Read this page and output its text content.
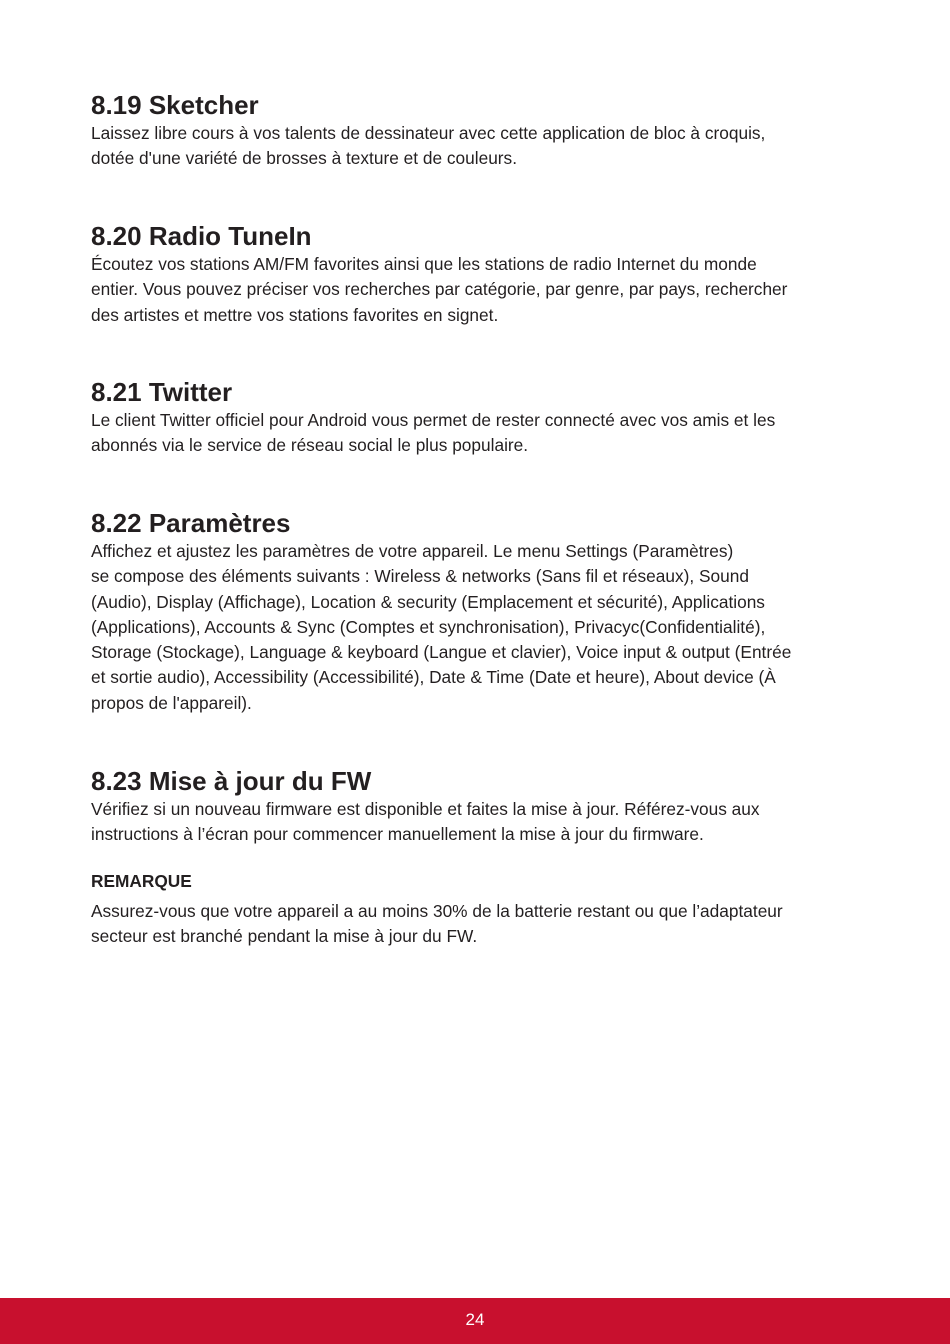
8.19 Sketcher

Laissez libre cours à vos talents de dessinateur avec cette application de bloc à croquis,

dotée d'une variété de brosses à texture et de couleurs.

8.20 Radio TuneIn

Écoutez vos stations AM/FM favorites ainsi que les stations de radio Internet du monde

entier. Vous pouvez préciser vos recherches par catégorie, par genre, par pays, rechercher

des artistes et mettre vos stations favorites en signet.

8.21 Twitter

Le client Twitter officiel pour Android vous permet de rester connecté avec vos amis et les

abonnés via le service de réseau social le plus populaire.

8.22 Paramètres

Affichez et ajustez les paramètres de votre appareil. Le menu Settings (Paramètres)

se compose des éléments suivants : Wireless & networks (Sans fil et réseaux), Sound

(Audio), Display (Affichage), Location & security (Emplacement et sécurité), Applications

(Applications), Accounts & Sync (Comptes et synchronisation), Privacyc(Confidentialité),

Storage (Stockage), Language & keyboard (Langue et clavier), Voice input & output (Entrée

et sortie audio), Accessibility (Accessibilité), Date & Time (Date et heure), About device (À

propos de l'appareil).

8.23 Mise à jour du FW

Vérifiez si un nouveau firmware est disponible et faites la mise à jour. Référez-vous aux

instructions à l’écran pour commencer manuellement la mise à jour du firmware.

REMARQUE

Assurez-vous que votre appareil a au moins 30% de la batterie restant ou que l’adaptateur

secteur est branché pendant la mise à jour du FW.

24
